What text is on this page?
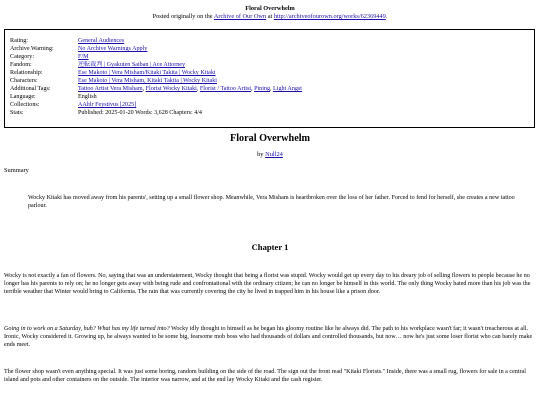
Floral Overwhelm
Posted originally on the Archive of Our Own at http://archiveofourown.org/works/62369449.
Rating:	General Audiences
Archive Warning:	No Archive Warnings Apply
Category:	F/M
Fandom:	逆転裁判 | Gyakuten Saiban | Ace Attorney
Relationship:	Ese Makoto | Vera Misham/Kitaki Takita | Wocky Kitaki
Characters:	Ese Makoto | Vera Misham, Kitaki Takita | Wocky Kitaki
Additional Tags:	Tattoo Artist Vera Misham, Florist Wocky Kitaki, Florist / Tattoo Artist, Pining, Light Angst
Language:	English
Collections:	AAhlr Feystivus [2025]
Stats:	Published: 2025-01-20 Words: 3,628 Chapters: 4/4
Floral Overwhelm
by Null24
Summary
Wocky Kitaki has moved away from his parents', setting up a small flower shop. Meanwhile, Vera Misham is heartbroken over the loss of her father. Forced to fend for herself, she creates a new tattoo parlour.
Chapter 1
Wocky is not exactly a fan of flowers. No, saying that was an understatement, Wocky thought that being a florist was stupid. Wocky would get up every day to his dreary job of selling flowers to people because he no longer has his parents to rely on; he no longer gets away with being rude and confrontational with the ordinary citizen; he can no longer be himself in this world. The only thing Wocky hated more than his job was the terrible weather that Winter would bring to California. The rain that was currently covering the city he lived in trapped him in his house like a prison door.
Going in to work on a Saturday, huh? What has my life turned into? Wocky idly thought to himself as he began his gloomy routine like he always did. The path to his workplace wasn't far; it wasn't treacherous at all. Ironic, Wocky considered it. Growing up, he always wanted to be some big, fearsome mob boss who had thousands of dollars and controlled thousands, but now… now he's just some loser florist who can barely make ends meet.
The flower shop wasn't even anything special. It was just some boring, random building on the side of the road. The sign out the front read "Kitaki Florists." Inside, there was a small rug, flowers for sale in a central island and pots and other containers on the outside. The interior was narrow, and at the end lay Wocky Kitaki and the cash register.
